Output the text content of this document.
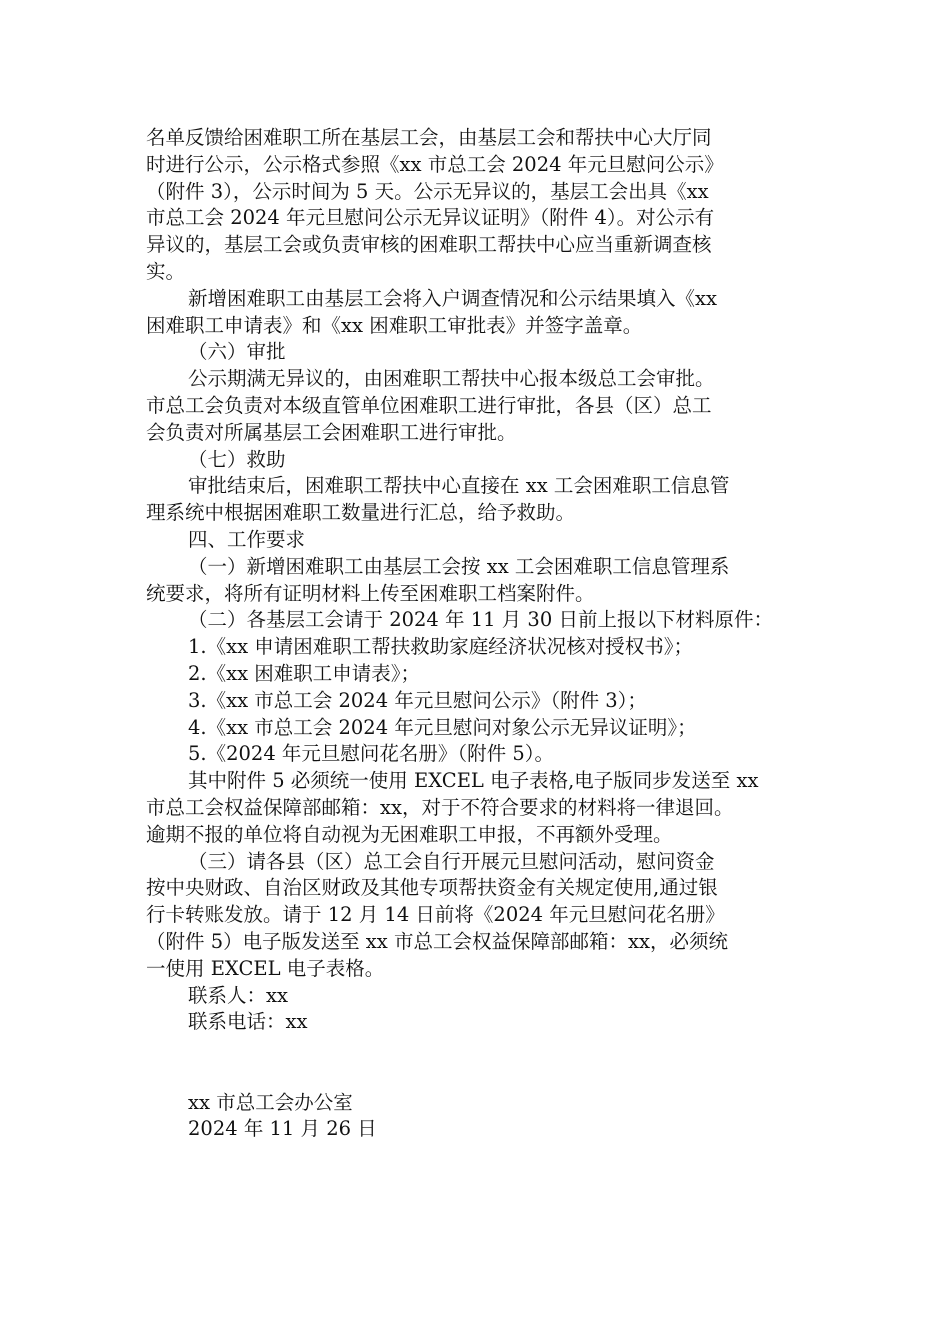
名单反馈给困难职工所在基层工会，由基层工会和帮扶中心大厅同

时进行公示，公示格式参照《xx 市总工会 2024 年元旦慰问公示》

（附件 3），公示时间为 5 天。公示无异议的，基层工会出具《xx

市总工会 2024 年元旦慰问公示无异议证明》（附件 4）。对公示有

异议的，基层工会或负责审核的困难职工帮扶中心应当重新调查核

实。

新增困难职工由基层工会将入户调查情况和公示结果填入《xx

困难职工申请表》和《xx 困难职工审批表》并签字盖章。

（六）审批

公示期满无异议的，由困难职工帮扶中心报本级总工会审批。

市总工会负责对本级直管单位困难职工进行审批，各县（区）总工

会负责对所属基层工会困难职工进行审批。

（七）救助

审批结束后，困难职工帮扶中心直接在 xx 工会困难职工信息管

理系统中根据困难职工数量进行汇总，给予救助。

四、工作要求

（一）新增困难职工由基层工会按 xx 工会困难职工信息管理系

统要求，将所有证明材料上传至困难职工档案附件。

（二）各基层工会请于 2024 年 11 月 30 日前上报以下材料原件：

1.《xx 申请困难职工帮扶救助家庭经济状况核对授权书》；

2.《xx 困难职工申请表》；

3.《xx 市总工会 2024 年元旦慰问公示》（附件 3）；

4.《xx 市总工会 2024 年元旦慰问对象公示无异议证明》；

5.《2024 年元旦慰问花名册》（附件 5）。

其中附件 5 必须统一使用 EXCEL 电子表格,电子版同步发送至 xx

市总工会权益保障部邮箱：xx，对于不符合要求的材料将一律退回。

逾期不报的单位将自动视为无困难职工申报，不再额外受理。

（三）请各县（区）总工会自行开展元旦慰问活动，慰问资金

按中央财政、自治区财政及其他专项帮扶资金有关规定使用,通过银

行卡转账发放。请于 12 月 14 日前将《2024 年元旦慰问花名册》

（附件 5）电子版发送至 xx 市总工会权益保障部邮箱：xx，必须统

一使用 EXCEL 电子表格。

联系人：xx

联系电话：xx

xx 市总工会办公室

2024 年 11 月 26 日
